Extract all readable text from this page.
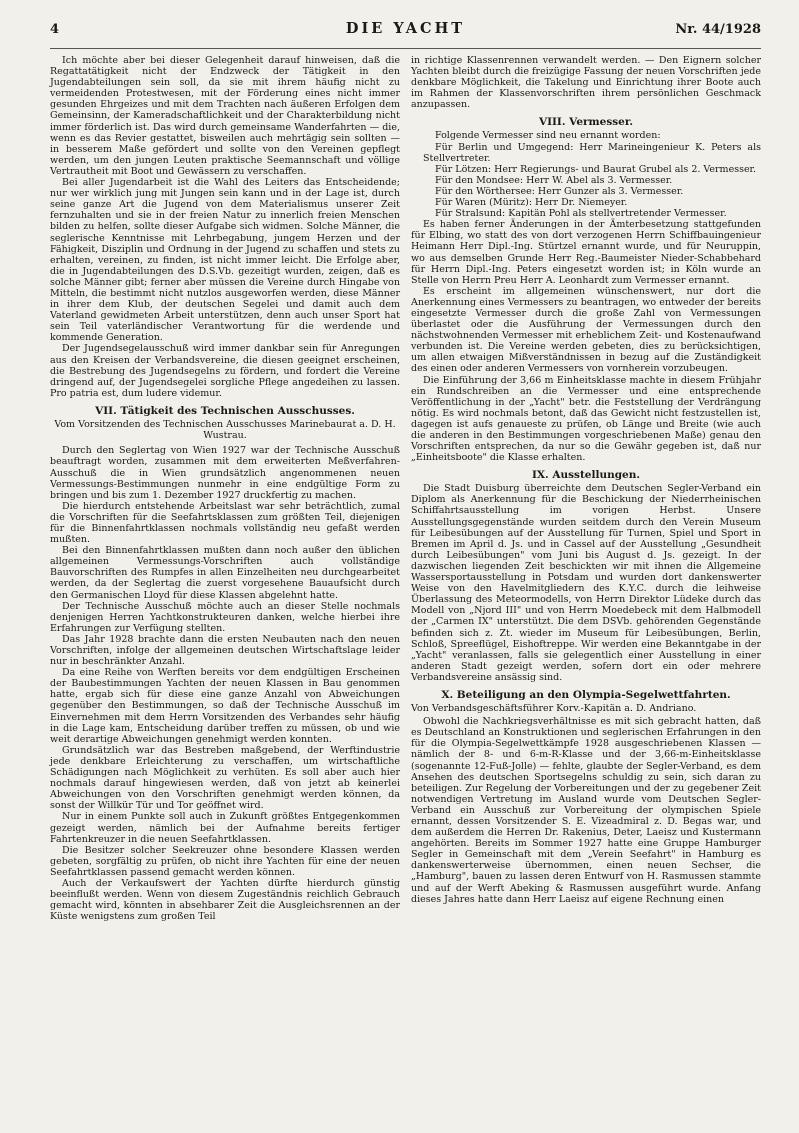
4	DIE YACHT	Nr. 44/1928

Ich möchte aber bei dieser Gelegenheit darauf hinweisen, daß die Regattatätigkeit nicht der Endzweck der Tätigkeit in den Jugendabteilungen sein soll, da sie mit ihrem häufig nicht zu vermeidenden Protestwesen, mit der Förderung eines nicht immer gesunden Ehrgeizes und mit dem Trachten nach äußeren Erfolgen dem Gemeinsinn, der Kameradschaftlichkeit und der Charakterbildung nicht immer förderlich ist. Das wird durch gemeinsame Wanderfahrten — die, wenn es das Revier gestattet, bisweilen auch mehrtägig sein sollten — in besserem Maße gefördert und sollte von den Vereinen gepflegt werden, um den jungen Leuten praktische Seemannschaft und völlige Vertrautheit mit Boot und Gewässern zu verschaffen.

Bei aller Jugendarbeit ist die Wahl des Leiters das Entscheidende; nur wer wirklich jung mit Jungen sein kann und in der Lage ist, durch seine ganze Art die Jugend von dem Materialismus unserer Zeit fernzuhalten und sie in der freien Natur zu innerlich freien Menschen bilden zu helfen, sollte dieser Aufgabe sich widmen. Solche Männer, die seglerische Kenntnisse mit Lehrbegabung, jungem Herzen und der Fähigkeit, Disziplin und Ordnung in der Jugend zu schaffen und stets zu erhalten, vereinen, zu finden, ist nicht immer leicht. Die Erfolge aber, die in Jugendabteilungen des D.S.Vb. gezeitigt wurden, zeigen, daß es solche Männer gibt; ferner aber müssen die Vereine durch Hingabe von Mitteln, die bestimmt nicht nutzlos ausgeworfen werden, diese Männer in ihrer dem Klub, der deutschen Segelei und damit auch dem Vaterland gewidmeten Arbeit unterstützen, denn auch unser Sport hat sein Teil vaterländischer Verantwortung für die werdende und kommende Generation.

Der Jugendsegelausschuß wird immer dankbar sein für Anregungen aus den Kreisen der Verbandsvereine, die diesen geeignet erscheinen, die Bestrebung des Jugendsegelns zu fördern, und fordert die Vereine dringend auf, der Jugendsegelei sorgliche Pflege angedeihen zu lassen. Pro patria est, dum ludere videmur.

VII. Tätigkeit des Technischen Ausschusses.
Vom Vorsitzenden des Technischen Ausschusses Marinebaurat a. D. H. Wustrau.

Durch den Seglertag von Wien 1927 war der Technische Ausschuß beauftragt worden, zusammen mit dem erweiterten Meßverfahren-Ausschuß die in Wien grundsätzlich angenommenen neuen Vermessungs-Bestimmungen nunmehr in eine endgültige Form zu bringen und bis zum 1. Dezember 1927 druckfertig zu machen.

Die hierdurch entstehende Arbeitslast war sehr beträchtlich, zumal die Vorschriften für die Seefahrtsklassen zum größten Teil, diejenigen für die Binnenfahrtklassen nochmals vollständig neu gefaßt werden mußten.

Bei den Binnenfahrtklassen mußten dann noch außer den üblichen allgemeinen Vermessungs-Vorschriften auch vollständige Bauvorschriften des Rumpfes in allen Einzelheiten neu durchgearbeitet werden, da der Seglertag die zuerst vorgesehene Bauaufsicht durch den Germanischen Lloyd für diese Klassen abgelehnt hatte.

Der Technische Ausschuß möchte auch an dieser Stelle nochmals denjenigen Herren Yachtkonstrukteuren danken, welche hierbei ihre Erfahrungen zur Verfügung stellten.

Das Jahr 1928 brachte dann die ersten Neubauten nach den neuen Vorschriften, infolge der allgemeinen deutschen Wirtschaftslage leider nur in beschränkter Anzahl.

Da eine Reihe von Werften bereits vor dem endgültigen Erscheinen der Baubestimmungen Yachten der neuen Klassen in Bau genommen hatte, ergab sich für diese eine ganze Anzahl von Abweichungen gegenüber den Bestimmungen, so daß der Technische Ausschuß im Einvernehmen mit dem Herrn Vorsitzenden des Verbandes sehr häufig in die Lage kam, Entscheidung darüber treffen zu müssen, ob und wie weit derartige Abweichungen genehmigt werden konnten.

Grundsätzlich war das Bestreben maßgebend, der Werftindustrie jede denkbare Erleichterung zu verschaffen, um wirtschaftliche Schädigungen nach Möglichkeit zu verhüten. Es soll aber auch hier nochmals darauf hingewiesen werden, daß von jetzt ab keinerlei Abweichungen von den Vorschriften genehmigt werden können, da sonst der Willkür Tür und Tor geöffnet wird.

Nur in einem Punkte soll auch in Zukunft größtes Entgegenkommen gezeigt werden, nämlich bei der Aufnahme bereits fertiger Fahrtenkreuzer in die neuen Seefahrtklassen.

Die Besitzer solcher Seekreuzer ohne besondere Klassen werden gebeten, sorgfältig zu prüfen, ob nicht ihre Yachten für eine der neuen Seefahrtklassen passend gemacht werden können.

Auch der Verkaufswert der Yachten dürfte hierdurch günstig beeinflußt werden. Wenn von diesem Zugeständnis reichlich Gebrauch gemacht wird, könnten in absehbarer Zeit die Ausgleichsrennen an der Küste wenigstens zum großen Teil

in richtige Klassenrennen verwandelt werden. — Den Eignern solcher Yachten bleibt durch die freizügige Fassung der neuen Vorschriften jede denkbare Möglichkeit, die Takelung und Einrichtung ihrer Boote auch im Rahmen der Klassenvorschriften ihrem persönlichen Geschmack anzupassen.

VIII. Vermesser.

Folgende Vermesser sind neu ernannt worden:

Für Berlin und Umgegend: Herr Marineingenieur K. Peters als Stellvertreter.

Für Lötzen: Herr Regierungs- und Baurat Grubel als 2. Vermesser.

Für den Mondsee: Herr W. Abel als 3. Vermesser.

Für den Wörthersee: Herr Gunzer als 3. Vermesser.

Für Waren (Müritz): Herr Dr. Niemeyer.

Für Stralsund: Kapitän Pohl als stellvertretender Vermesser.

Es haben ferner Änderungen in der Ämterbesetzung stattgefunden für Elbing, wo statt des von dort verzogenen Herrn Schiffbauingenieur Heimann Herr Dipl.-Ing. Stürtzel ernannt wurde, und für Neuruppin, wo aus demselben Grunde Herr Reg.-Baumeister Nieder-Schabbehard für Herrn Dipl.-Ing. Peters eingesetzt worden ist; in Köln wurde an Stelle von Herrn Preu Herr A. Leonhardt zum Vermesser ernannt.

Es erscheint im allgemeinen wünschenswert, nur dort die Anerkennung eines Vermessers zu beantragen, wo entweder der bereits eingesetzte Vermesser durch die große Zahl von Vermessungen überlastet oder die Ausführung der Vermessungen durch den nächstwohnenden Vermesser mit erheblichem Zeit- und Kostenaufwand verbunden ist. Die Vereine werden gebeten, dies zu berücksichtigen, um allen etwaigen Mißverständnissen in bezug auf die Zuständigkeit des einen oder anderen Vermessers von vornherein vorzubeugen.

Die Einführung der 3,66 m Einheitsklasse machte in diesem Frühjahr ein Rundschreiben an die Vermesser und eine entsprechende Veröffentlichung in der „Yacht" betr. die Feststellung der Verdrängung nötig. Es wird nochmals betont, daß das Gewicht nicht festzustellen ist, dagegen ist aufs genaueste zu prüfen, ob Länge und Breite (wie auch die anderen in den Bestimmungen vorgeschriebenen Maße) genau den Vorschriften entsprechen, da nur so die Gewähr gegeben ist, daß nur „Einheitsboote" die Klasse erhalten.

IX. Ausstellungen.

Die Stadt Duisburg überreichte dem Deutschen Segler-Verband ein Diplom als Anerkennung für die Beschickung der Niederrheinischen Schiffahrtsausstellung im vorigen Herbst. Unsere Ausstellungsgegenstände wurden seitdem durch den Verein Museum für Leibesübungen auf der Ausstellung für Turnen, Spiel und Sport in Bremen im April d. Js. und in Cassel auf der Ausstellung „Gesundheit durch Leibesübungen" vom Juni bis August d. Js. gezeigt. In der dazwischen liegenden Zeit beschickten wir mit ihnen die Allgemeine Wassersportausstellung in Potsdam und wurden dort dankenswerter Weise von den Havelmitgliedern des K.Y.C. durch die leihweise Überlassung des Meteormodells, von Herrn Direktor Lüdeke durch das Modell von „Njord III" und von Herrn Moedebeck mit dem Halbmodell der „Carmen IX" unterstützt. Die dem DSVb. gehörenden Gegenstände befinden sich z. Zt. wieder im Museum für Leibesübungen, Berlin, Schloß, Spreeflügel, Eishoftreppe. Wir werden eine Bekanntgabe in der „Yacht" veranlassen, falls sie gelegentlich einer Ausstellung in einer anderen Stadt gezeigt werden, sofern dort ein oder mehrere Verbandsvereine ansässig sind.

X. Beteiligung an den Olympia-Segelwettfahrten.
Von Verbandsgeschäftsführer Korv.-Kapitän a. D. Andriano.

Obwohl die Nachkriegsverhältnisse es mit sich gebracht hatten, daß es Deutschland an Konstruktionen und seglerischen Erfahrungen in den für die Olympia-Segelwettkämpfe 1928 ausgeschriebenen Klassen — nämlich der 8- und 6-m-R-Klasse und der 3,66-m-Einheitsklasse (sogenannte 12-Fuß-Jolle) — fehlte, glaubte der Segler-Verband, es dem Ansehen des deutschen Sportsegelns schuldig zu sein, sich daran zu beteiligen. Zur Regelung der Vorbereitungen und der zu gegebener Zeit notwendigen Vertretung im Ausland wurde vom Deutschen Segler-Verband ein Ausschuß zur Vorbereitung der olympischen Spiele ernannt, dessen Vorsitzender S. E. Vizeadmiral z. D. Begas war, und dem außerdem die Herren Dr. Rakenius, Deter, Laeisz und Kustermann angehörten. Bereits im Sommer 1927 hatte eine Gruppe Hamburger Segler in Gemeinschaft mit dem „Verein Seefahrt" in Hamburg es dankenswerterweise übernommen, einen neuen Sechser, die „Hamburg", bauen zu lassen deren Entwurf von H. Rasmussen stammte und auf der Werft Abeking & Rasmussen ausgeführt wurde. Anfang dieses Jahres hatte dann Herr Laeisz auf eigene Rechnung einen
